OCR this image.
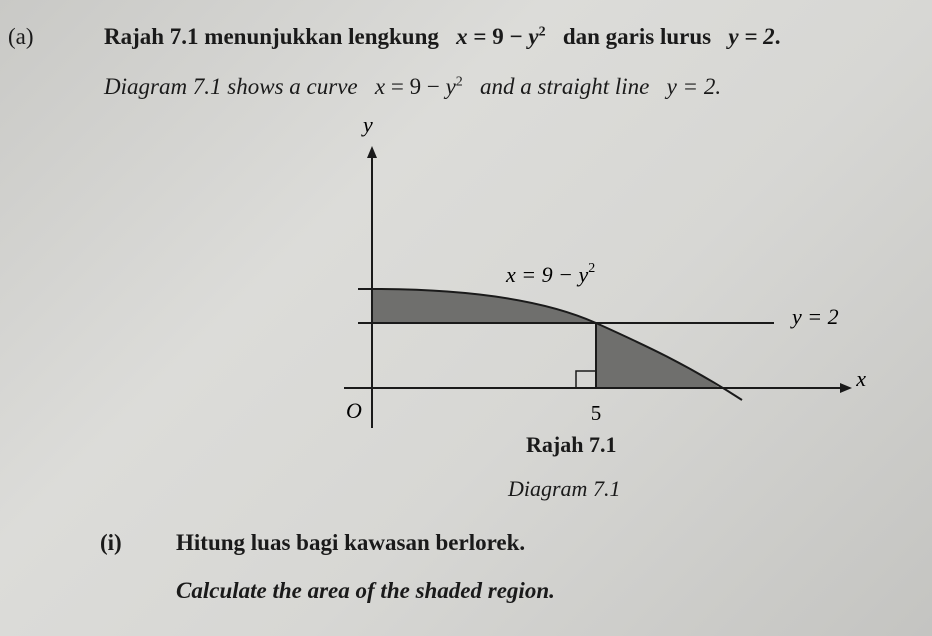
(a)	Rajah 7.1 menunjukkan lengkung $x = 9 - y^2$ dan garis lurus y = 2.
Diagram 7.1 shows a curve $x = 9 - y^2$ and a straight line y = 2.
y
x
O	5
$x = 9 - y^2$
y = 2
Rajah 7.1
Diagram 7.1
(i) Hitung luas bagi kawasan berlorek.
Calculate the area of the shaded region.
